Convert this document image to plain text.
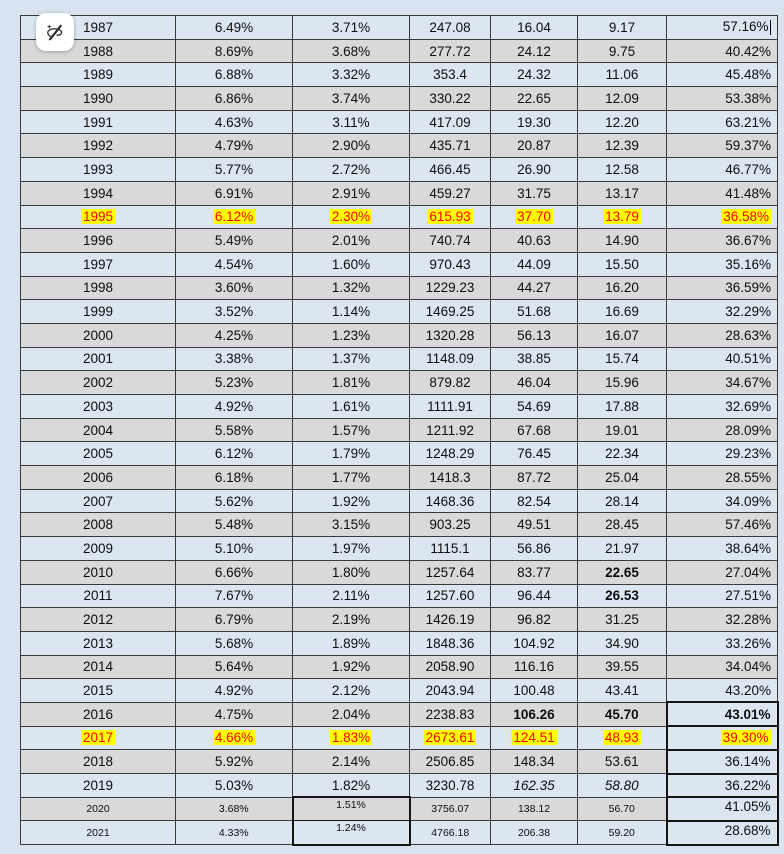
1987	6.49%	3.71%	247.08	16.04	9.17	57.16%
1988	8.69%	3.68%	277.72	24.12	9.75	40.42%
1989	6.88%	3.32%	353.4	24.32	11.06	45.48%
1990	6.86%	3.74%	330.22	22.65	12.09	53.38%
1991	4.63%	3.11%	417.09	19.30	12.20	63.21%
1992	4.79%	2.90%	435.71	20.87	12.39	59.37%
1993	5.77%	2.72%	466.45	26.90	12.58	46.77%
1994	6.91%	2.91%	459.27	31.75	13.17	41.48%
1995	6.12%	2.30%	615.93	37.70	13.79	36.58%
1996	5.49%	2.01%	740.74	40.63	14.90	36.67%
1997	4.54%	1.60%	970.43	44.09	15.50	35.16%
1998	3.60%	1.32%	1229.23	44.27	16.20	36.59%
1999	3.52%	1.14%	1469.25	51.68	16.69	32.29%
2000	4.25%	1.23%	1320.28	56.13	16.07	28.63%
2001	3.38%	1.37%	1148.09	38.85	15.74	40.51%
2002	5.23%	1.81%	879.82	46.04	15.96	34.67%
2003	4.92%	1.61%	1111.91	54.69	17.88	32.69%
2004	5.58%	1.57%	1211.92	67.68	19.01	28.09%
2005	6.12%	1.79%	1248.29	76.45	22.34	29.23%
2006	6.18%	1.77%	1418.3	87.72	25.04	28.55%
2007	5.62%	1.92%	1468.36	82.54	28.14	34.09%
2008	5.48%	3.15%	903.25	49.51	28.45	57.46%
2009	5.10%	1.97%	1115.1	56.86	21.97	38.64%
2010	6.66%	1.80%	1257.64	83.77	22.65	27.04%
2011	7.67%	2.11%	1257.60	96.44	26.53	27.51%
2012	6.79%	2.19%	1426.19	96.82	31.25	32.28%
2013	5.68%	1.89%	1848.36	104.92	34.90	33.26%
2014	5.64%	1.92%	2058.90	116.16	39.55	34.04%
2015	4.92%	2.12%	2043.94	100.48	43.41	43.20%
2016	4.75%	2.04%	2238.83	106.26	45.70	43.01%
2017	4.66%	1.83%	2673.61	124.51	48.93	39.30%
2018	5.92%	2.14%	2506.85	148.34	53.61	36.14%
2019	5.03%	1.82%	3230.78	162.35	58.80	36.22%
2020	3.68%	1.51%	3756.07	138.12	56.70	41.05%
2021	4.33%	1.24%	4766.18	206.38	59.20	28.68%
